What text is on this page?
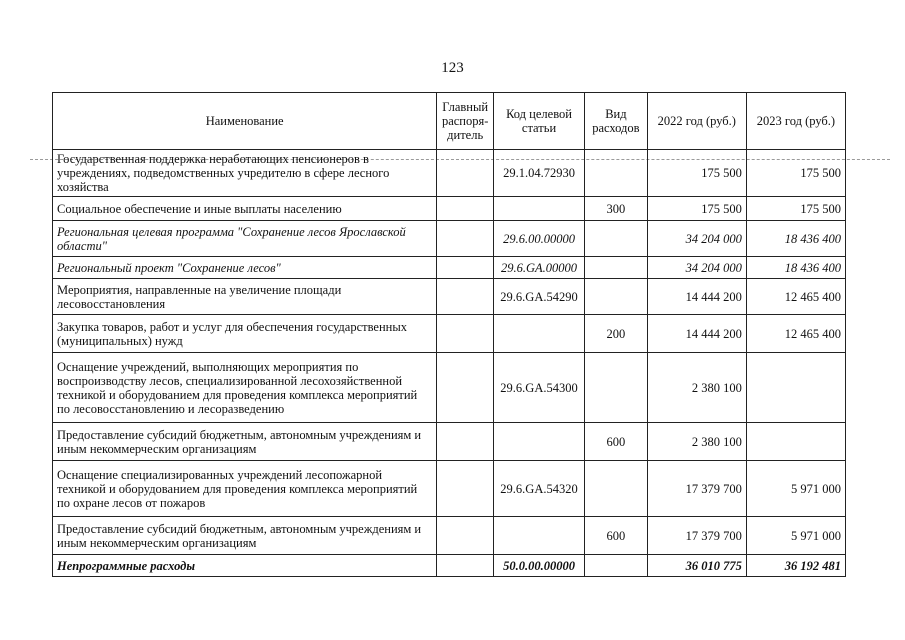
123
Наименование	Главный распоря-дитель	Код целевой статьи	Вид расходов	2022 год (руб.)	2023 год (руб.)
Государственная поддержка неработающих пенсионеров в учреждениях, подведомственных учредителю в сфере лесного хозяйства		29.1.04.72930		175 500	175 500
Социальное обеспечение и иные выплаты населению			300	175 500	175 500
Региональная целевая программа "Сохранение лесов Ярославской области"		29.6.00.00000		34 204 000	18 436 400
Региональный проект "Сохранение лесов"		29.6.GA.00000		34 204 000	18 436 400
Мероприятия, направленные на увеличение площади лесовосстановления		29.6.GA.54290		14 444 200	12 465 400
Закупка товаров, работ и услуг для обеспечения государственных (муниципальных) нужд			200	14 444 200	12 465 400
Оснащение учреждений, выполняющих мероприятия по воспроизводству лесов, специализированной лесохозяйственной техникой и оборудованием для проведения комплекса мероприятий по лесовосстановлению и лесоразведению		29.6.GA.54300		2 380 100	
Предоставление субсидий бюджетным, автономным учреждениям и иным некоммерческим организациям			600	2 380 100	
Оснащение специализированных учреждений лесопожарной техникой и оборудованием для проведения комплекса мероприятий по охране лесов от пожаров		29.6.GA.54320		17 379 700	5 971 000
Предоставление субсидий бюджетным, автономным учреждениям и иным некоммерческим организациям			600	17 379 700	5 971 000
Непрограммные расходы		50.0.00.00000		36 010 775	36 192 481
